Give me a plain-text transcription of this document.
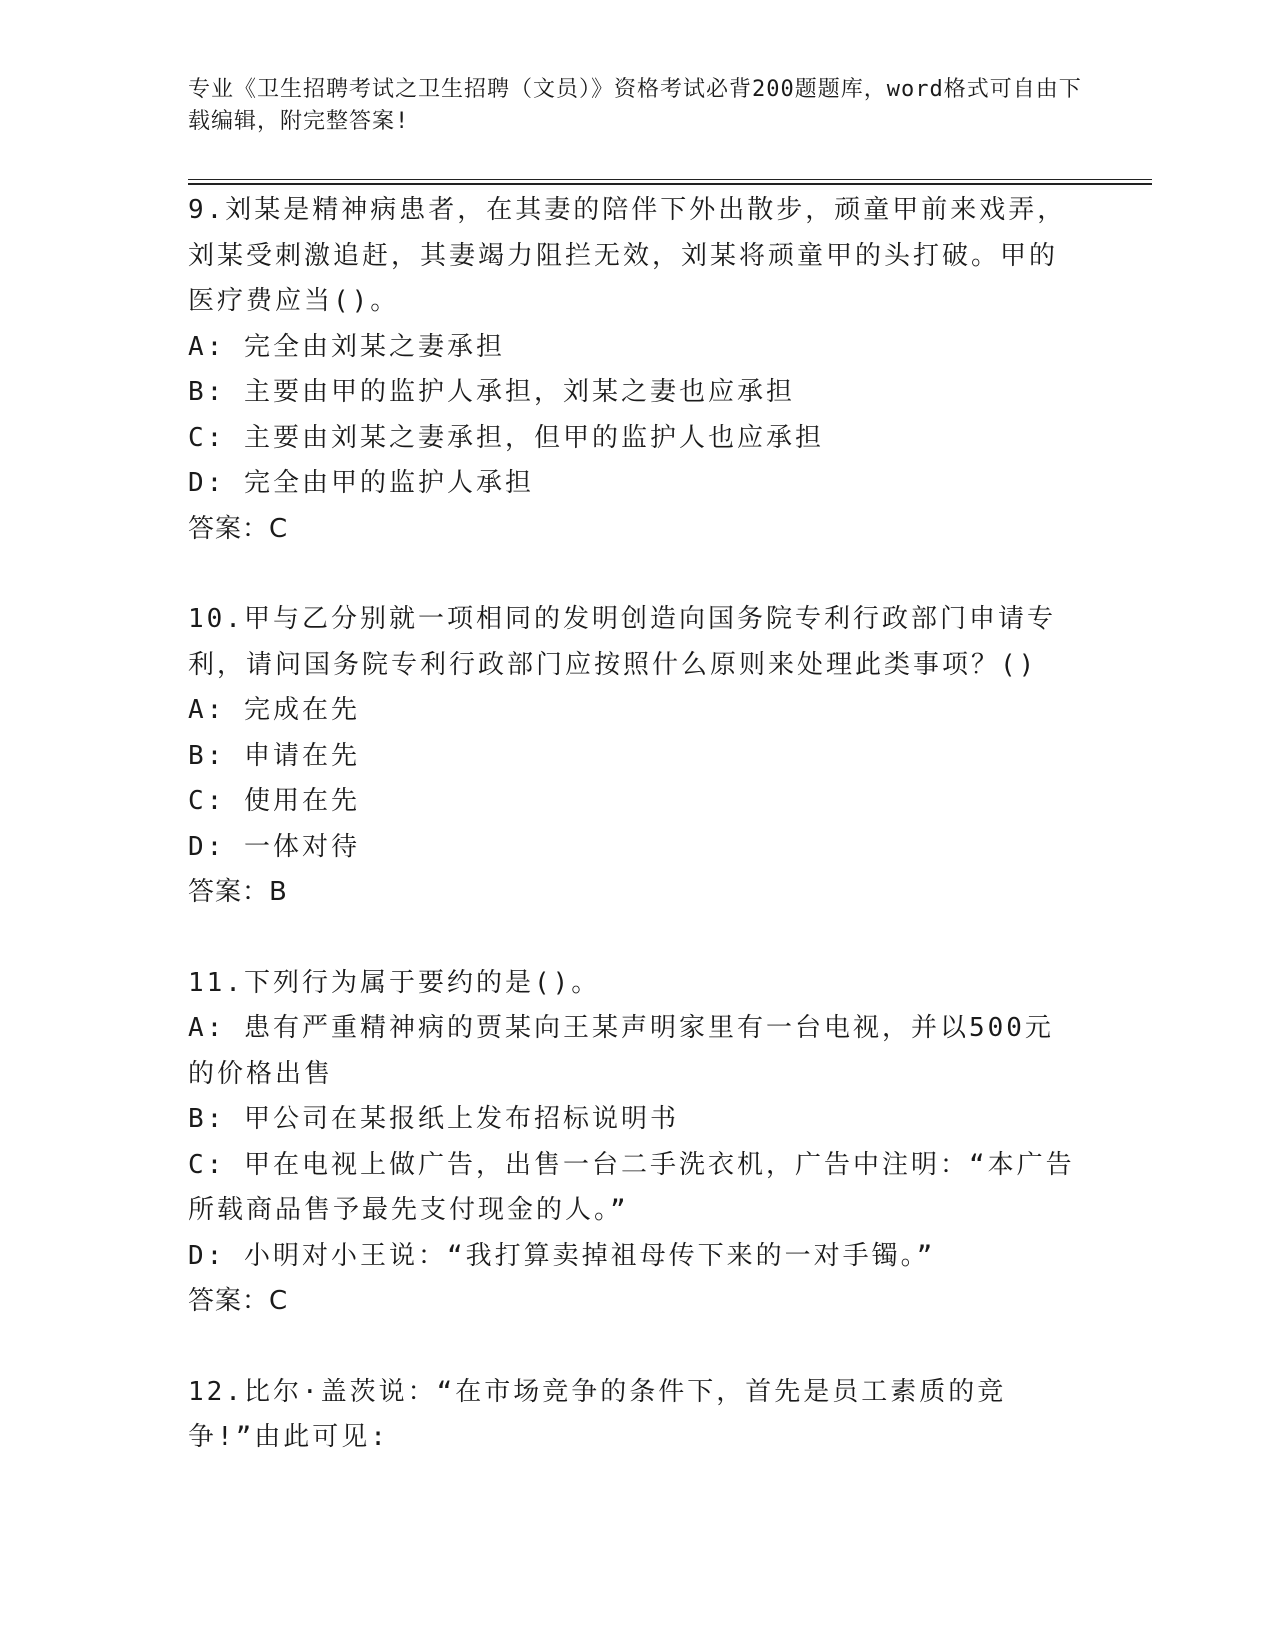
专业《卫生招聘考试之卫生招聘（文员）》资格考试必背200题题库，word格式可自由下载编辑，附完整答案!

9.刘某是精神病患者，在其妻的陪伴下外出散步，顽童甲前来戏弄，刘某受刺激追赶，其妻竭力阻拦无效，刘某将顽童甲的头打破。甲的医疗费应当()。

A: 完全由刘某之妻承担

B: 主要由甲的监护人承担，刘某之妻也应承担

C: 主要由刘某之妻承担，但甲的监护人也应承担

D: 完全由甲的监护人承担

答案：C

10.甲与乙分别就一项相同的发明创造向国务院专利行政部门申请专利，请问国务院专利行政部门应按照什么原则来处理此类事项？()

A: 完成在先

B: 申请在先

C: 使用在先

D: 一体对待

答案：B

11.下列行为属于要约的是()。

A: 患有严重精神病的贾某向王某声明家里有一台电视，并以500元的价格出售

B: 甲公司在某报纸上发布招标说明书

C: 甲在电视上做广告，出售一台二手洗衣机，广告中注明：“本广告所载商品售予最先支付现金的人。”

D: 小明对小王说：“我打算卖掉祖母传下来的一对手镯。”

答案：C

12.比尔·盖茨说：“在市场竞争的条件下，首先是员工素质的竞争!”由此可见:
